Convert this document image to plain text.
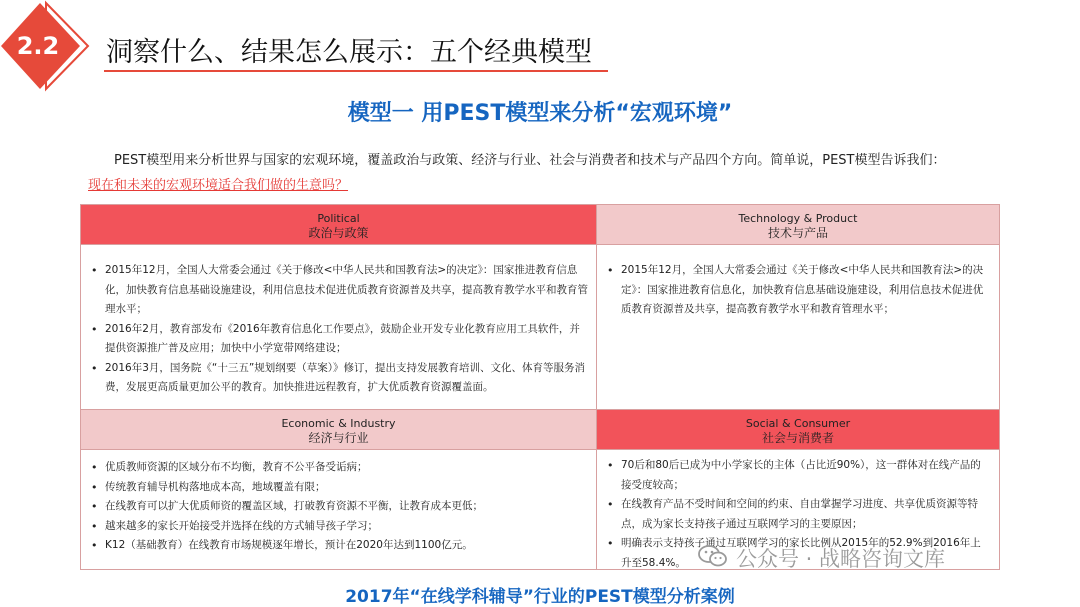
2.2	洞察什么、结果怎么展示：五个经典模型
模型一 用PEST模型来分析“宏观环境”
PEST模型用来分析世界与国家的宏观环境，覆盖政治与政策、经济与行业、社会与消费者和技术与产品四个方向。简单说，PEST模型告诉我们：
现在和未来的宏观环境适合我们做的生意吗？
Political
政治与政策
• 2015年12月，全国人大常委会通过《关于修改<中华人民共和国教育法>的决定》：国家推进教育信息化，加快教育信息基础设施建设，利用信息技术促进优质教育资源普及共享，提高教育教学水平和教育管理水平；
• 2016年2月，教育部发布《2016年教育信息化工作要点》，鼓励企业开发专业化教育应用工具软件，并提供资源推广普及应用；加快中小学宽带网络建设；
• 2016年3月，国务院《“十三五”规划纲要（草案）》修订，提出支持发展教育培训、文化、体育等服务消费，发展更高质量更加公平的教育。加快推进远程教育，扩大优质教育资源覆盖面。
Technology & Product
技术与产品
• 2015年12月，全国人大常委会通过《关于修改<中华人民共和国教育法>的决定》：国家推进教育信息化，加快教育信息基础设施建设，利用信息技术促进优质教育资源普及共享，提高教育教学水平和教育管理水平；
Economic & Industry
经济与行业
• 优质教师资源的区域分布不均衡，教育不公平备受诟病；
• 传统教育辅导机构落地成本高，地域覆盖有限；
• 在线教育可以扩大优质师资的覆盖区域，打破教育资源不平衡，让教育成本更低；
• 越来越多的家长开始接受并选择在线的方式辅导孩子学习；
• K12（基础教育）在线教育市场规模逐年增长，预计在2020年达到1100亿元。
Social & Consumer
社会与消费者
• 70后和80后已成为中小学家长的主体（占比近90%），这一群体对在线产品的接受度较高；
• 在线教育产品不受时间和空间的约束、自由掌握学习进度、共享优质资源等特点，成为家长支持孩子通过互联网学习的主要原因；
• 明确表示支持孩子通过互联网学习的家长比例从2015年的52.9%到2016年上升至58.4%。	公众号 · 战略咨询文库
2017年“在线学科辅导”行业的PEST模型分析案例
